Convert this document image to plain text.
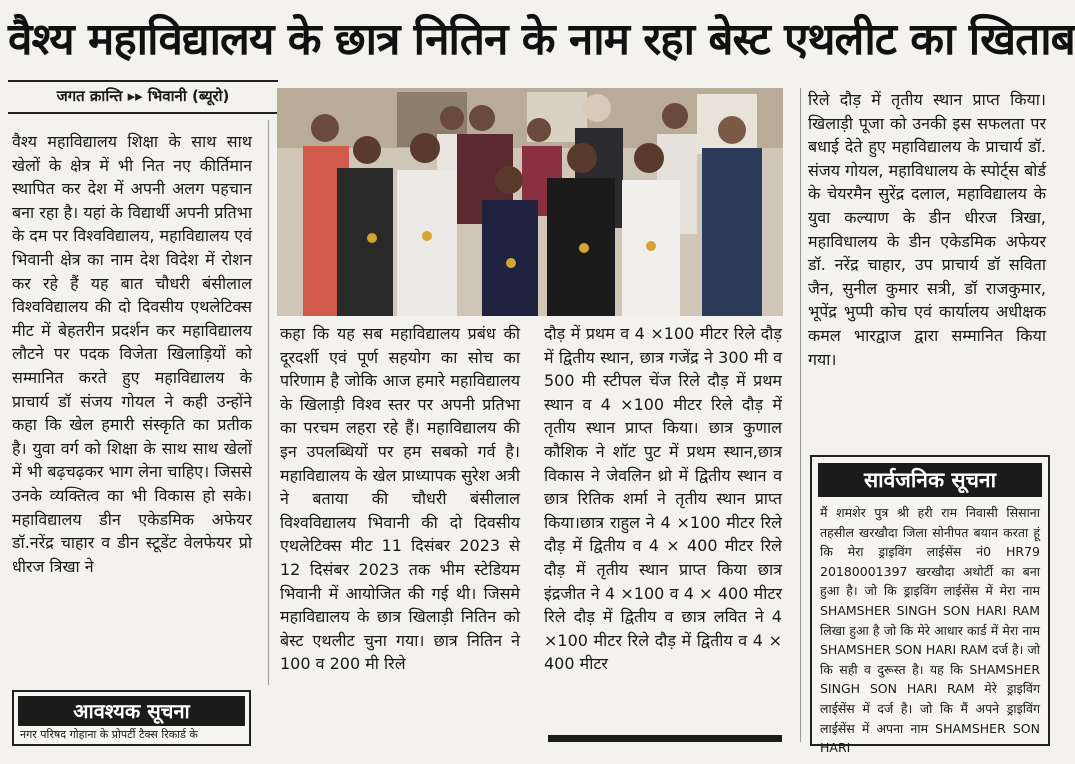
वैश्य महाविद्यालय के छात्र नितिन के नाम रहा बेस्ट एथलीट का खिताब
जगत क्रान्ति ▸▸ भिवानी (ब्यूरो)
वैश्य महाविद्यालय शिक्षा के साथ साथ खेलों के क्षेत्र में भी नित नए कीर्तिमान स्थापित कर देश में अपनी अलग पहचान बना रहा है। यहां के विद्यार्थी अपनी प्रतिभा के दम पर विश्वविद्यालय, महाविद्यालय एवं भिवानी क्षेत्र का नाम देश विदेश में रोशन कर रहे हैं यह बात चौधरी बंसीलाल विश्वविद्यालय की दो दिवसीय एथलेटिक्स मीट में बेहतरीन प्रदर्शन कर महाविद्यालय लौटने पर पदक विजेता खिलाड़ियों को सम्मानित करते हुए महाविद्यालय के प्राचार्य डॉ संजय गोयल ने कही उन्होंने कहा कि खेल हमारी संस्कृति का प्रतीक है। युवा वर्ग को शिक्षा के साथ साथ खेलों में भी बढ़चढ़कर भाग लेना चाहिए। जिससे उनके व्यक्तित्व का भी विकास हो सके। महाविद्यालय डीन एकेडमिक अफेयर डॉ.नरेंद्र चाहार व डीन स्टूडेंट वेलफेयर प्रो धीरज त्रिखा ने
कहा कि यह सब महाविद्यालय प्रबंध की दूरदर्शी एवं पूर्ण सहयोग का सोच का परिणाम है जोकि आज हमारे महाविद्यालय के खिलाड़ी विश्व स्तर पर अपनी प्रतिभा का परचम लहरा रहे हैं। महाविद्यालय की इन उपलब्धियों पर हम सबको गर्व है। महाविद्यालय के खेल प्राध्यापक सुरेश अत्री ने बताया की चौधरी बंसीलाल विश्वविद्यालय भिवानी की दो दिवसीय एथलेटिक्स मीट 11 दिसंबर 2023 से 12 दिसंबर 2023 तक भीम स्टेडियम भिवानी में आयोजित की गई थी। जिसमे महाविद्यालय के छात्र खिलाड़ी नितिन को बेस्ट एथलीट चुना गया। छात्र नितिन ने 100 व 200 मी रिले
दौड़ में प्रथम व 4 ×100 मीटर रिले दौड़ में द्वितीय स्थान, छात्र गजेंद्र ने 300 मी व 500 मी स्टीपल चेंज रिले दौड़ में प्रथम स्थान व 4 ×100 मीटर रिले दौड़ में तृतीय स्थान प्राप्त किया। छात्र कुणाल कौशिक ने शॉट पुट में प्रथम स्थान,छात्र विकास ने जेवलिन थ्रो में द्वितीय स्थान व छात्र रितिक शर्मा ने तृतीय स्थान प्राप्त किया।छात्र राहुल ने 4 ×100 मीटर रिले दौड़ में द्वितीय व 4 × 400 मीटर रिले दौड़ में तृतीय स्थान प्राप्त किया छात्र इंद्रजीत ने 4 ×100 व 4 × 400 मीटर रिले दौड़ में द्वितीय व छात्र लवित ने 4 ×100 मीटर रिले दौड़ में द्वितीय व 4 × 400 मीटर
रिले दौड़ में तृतीय स्थान प्राप्त किया। खिलाड़ी पूजा को उनकी इस सफलता पर बधाई देते हुए महाविद्यालय के प्राचार्य डॉ. संजय गोयल, महाविधालय के स्पोर्ट्स बोर्ड के चेयरमैन सुरेंद्र दलाल, महाविद्यालय के युवा कल्याण के डीन धीरज त्रिखा, महाविधालय के डीन एकेडमिक अफेयर डॉ. नरेंद्र चाहार, उप प्राचार्य डॉ सविता जैन, सुनील कुमार सत्री, डॉ राजकुमार, भूपेंद्र भुप्पी कोच एवं कार्यालय अधीक्षक कमल भारद्वाज द्वारा सम्मानित किया गया।
आवश्यक सूचना
नगर परिषद गोहाना के प्रोपर्टी टैक्स रिकार्ड के
सार्वजनिक सूचना
मैं शमशेर पुत्र श्री हरी राम निवासी सिसाना तहसील खरखौदा जिला सोनीपत बयान करता हूं कि मेरा ड्राइविंग लाईसेंस नं0 HR79 20180001397 खरखौदा अथोर्टी का बना हुआ है। जो कि ड्राइविंग लाईसेंस में मेरा नाम SHAMSHER SINGH SON HARI RAM लिखा हुआ है जो कि मेरे आधार कार्ड में मेरा नाम SHAMSHER SON HARI RAM दर्ज है। जो कि सही व दुरूस्त है। यह कि SHAMSHER SINGH SON HARI RAM मेरे ड्राइविंग लाईसेंस में दर्ज है। जो कि मैं अपने ड्राइविंग लाईसेंस में अपना नाम SHAMSHER SON HARI
